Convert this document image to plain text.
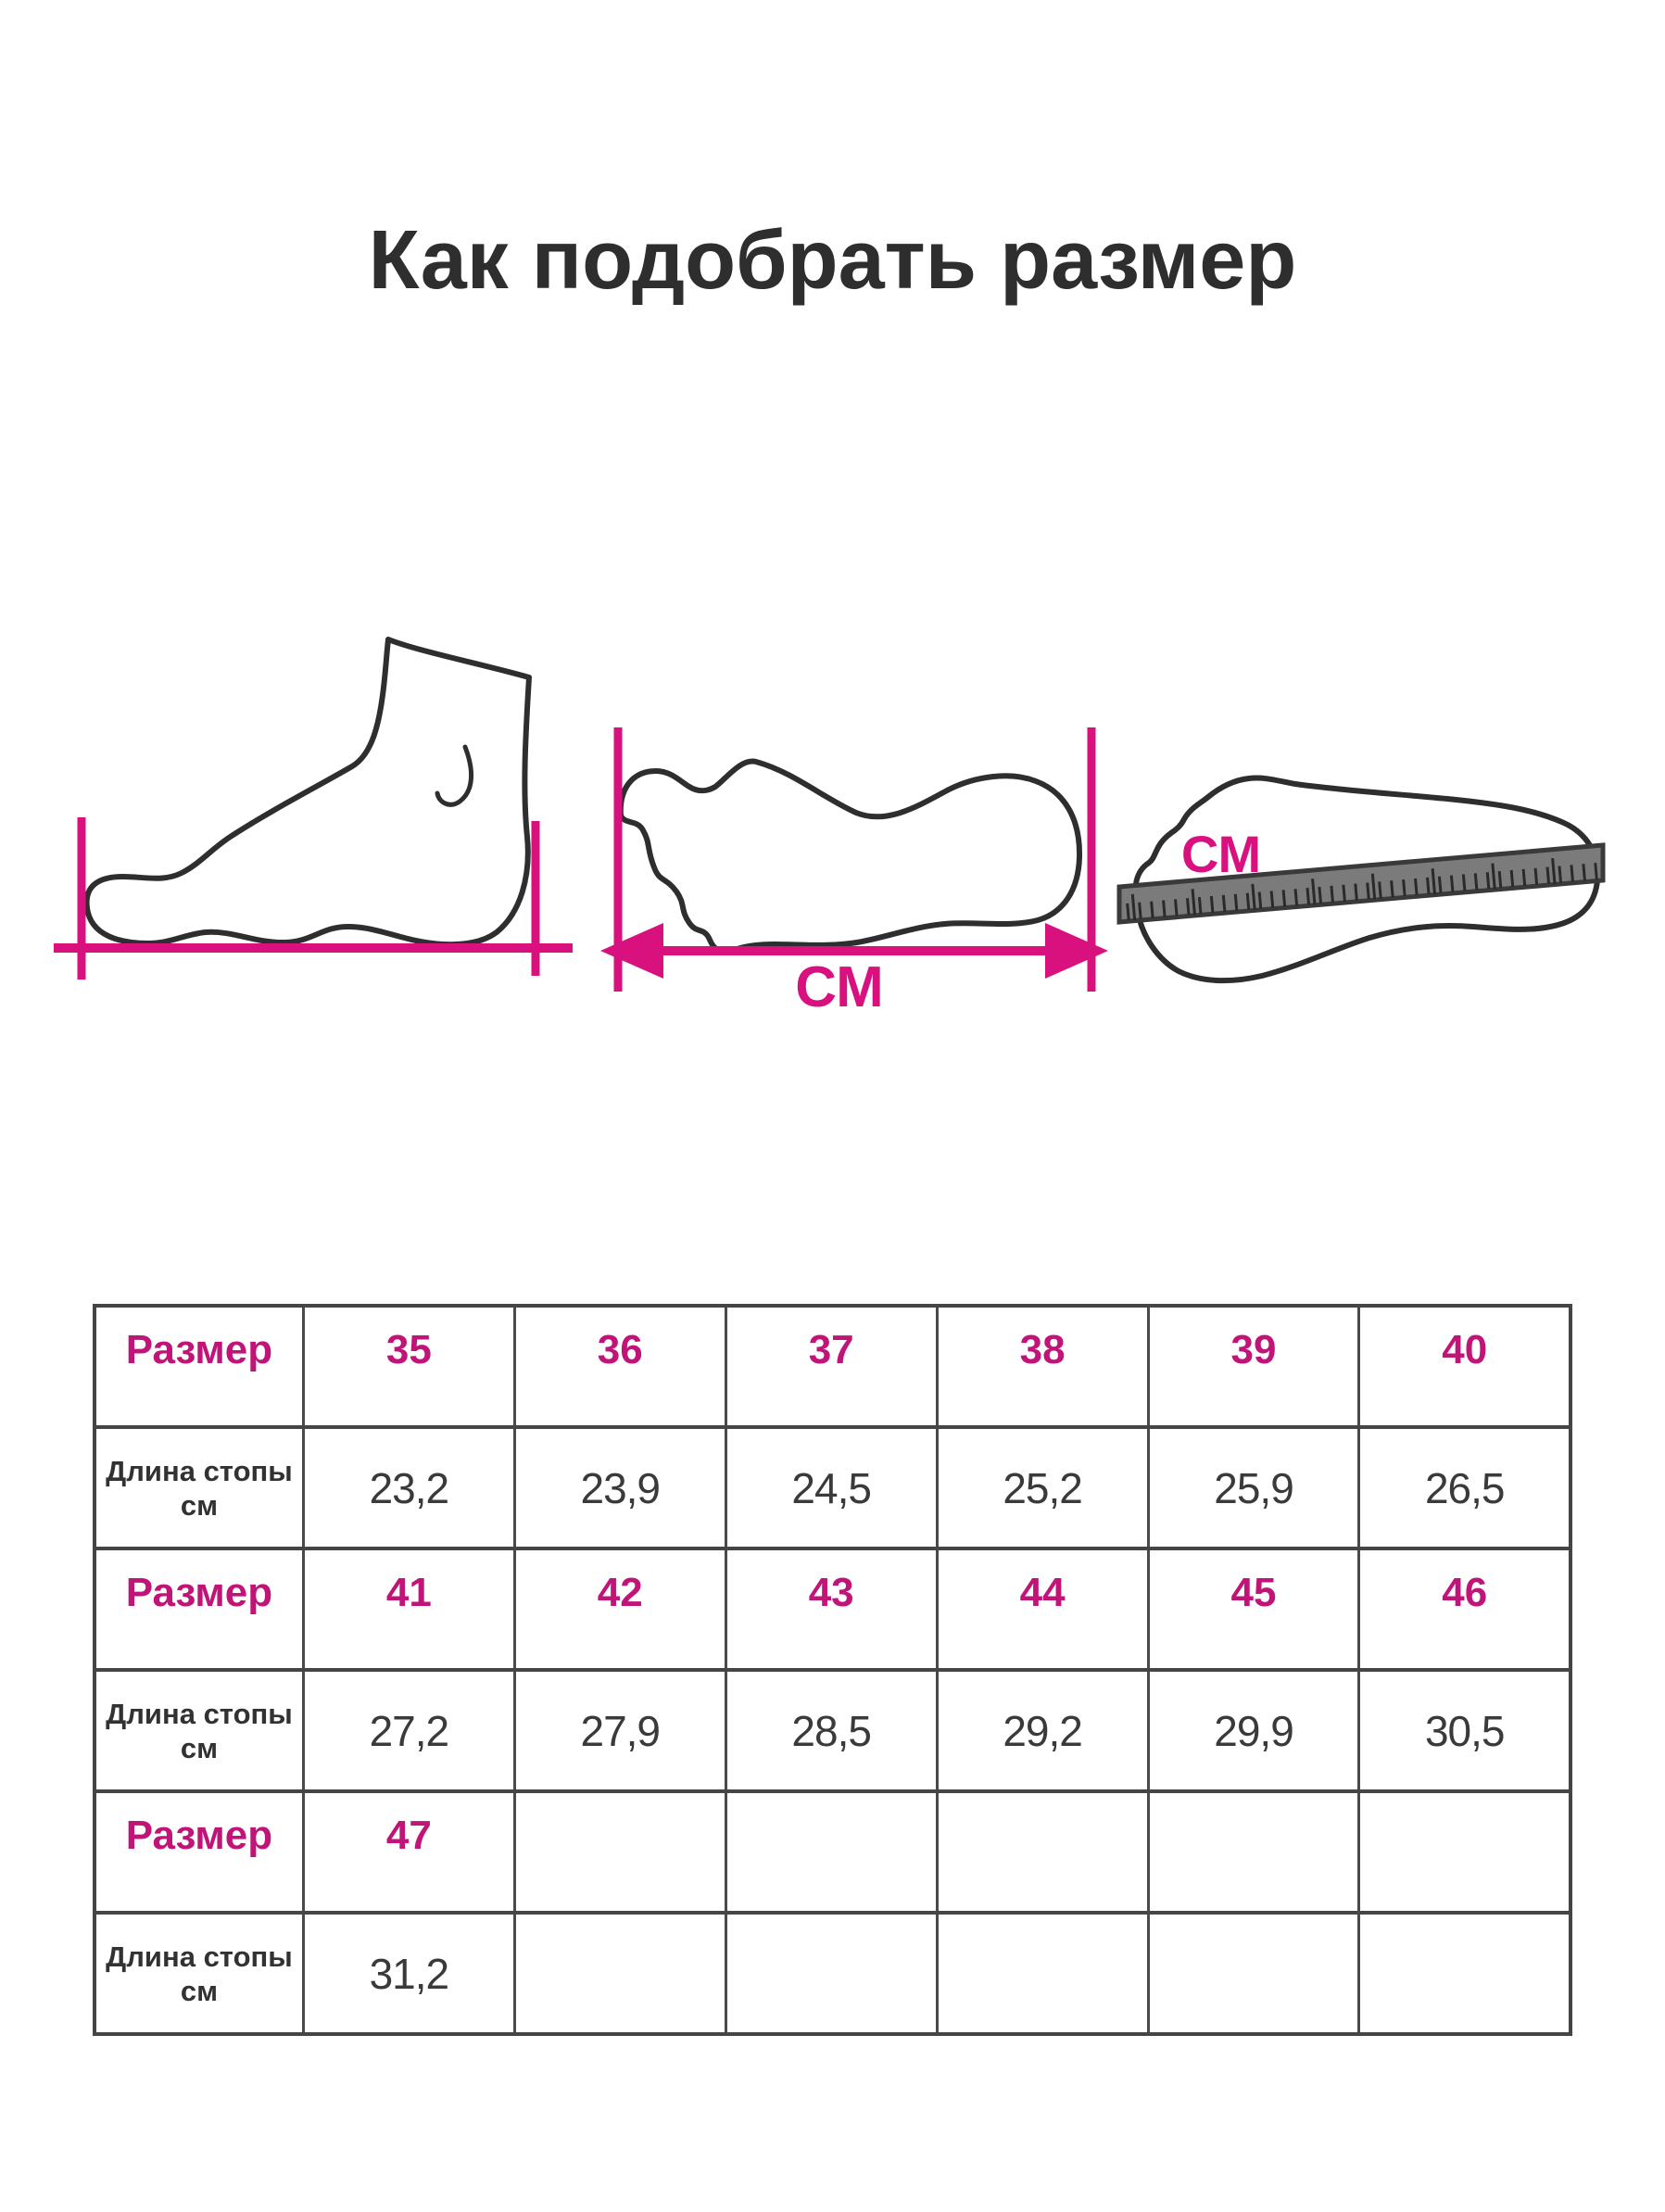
Как подобрать размер
СМ
СМ
Размер	35	36	37	38	39	40

Длина стопы
см	23,2	23,9	24,5	25,2	25,9	26,5
Размер	41	42	43	44	45	46

Длина стопы
см	27,2	27,9	28,5	29,2	29,9	30,5
Размер	47					

Длина стопы
см	31,2					
